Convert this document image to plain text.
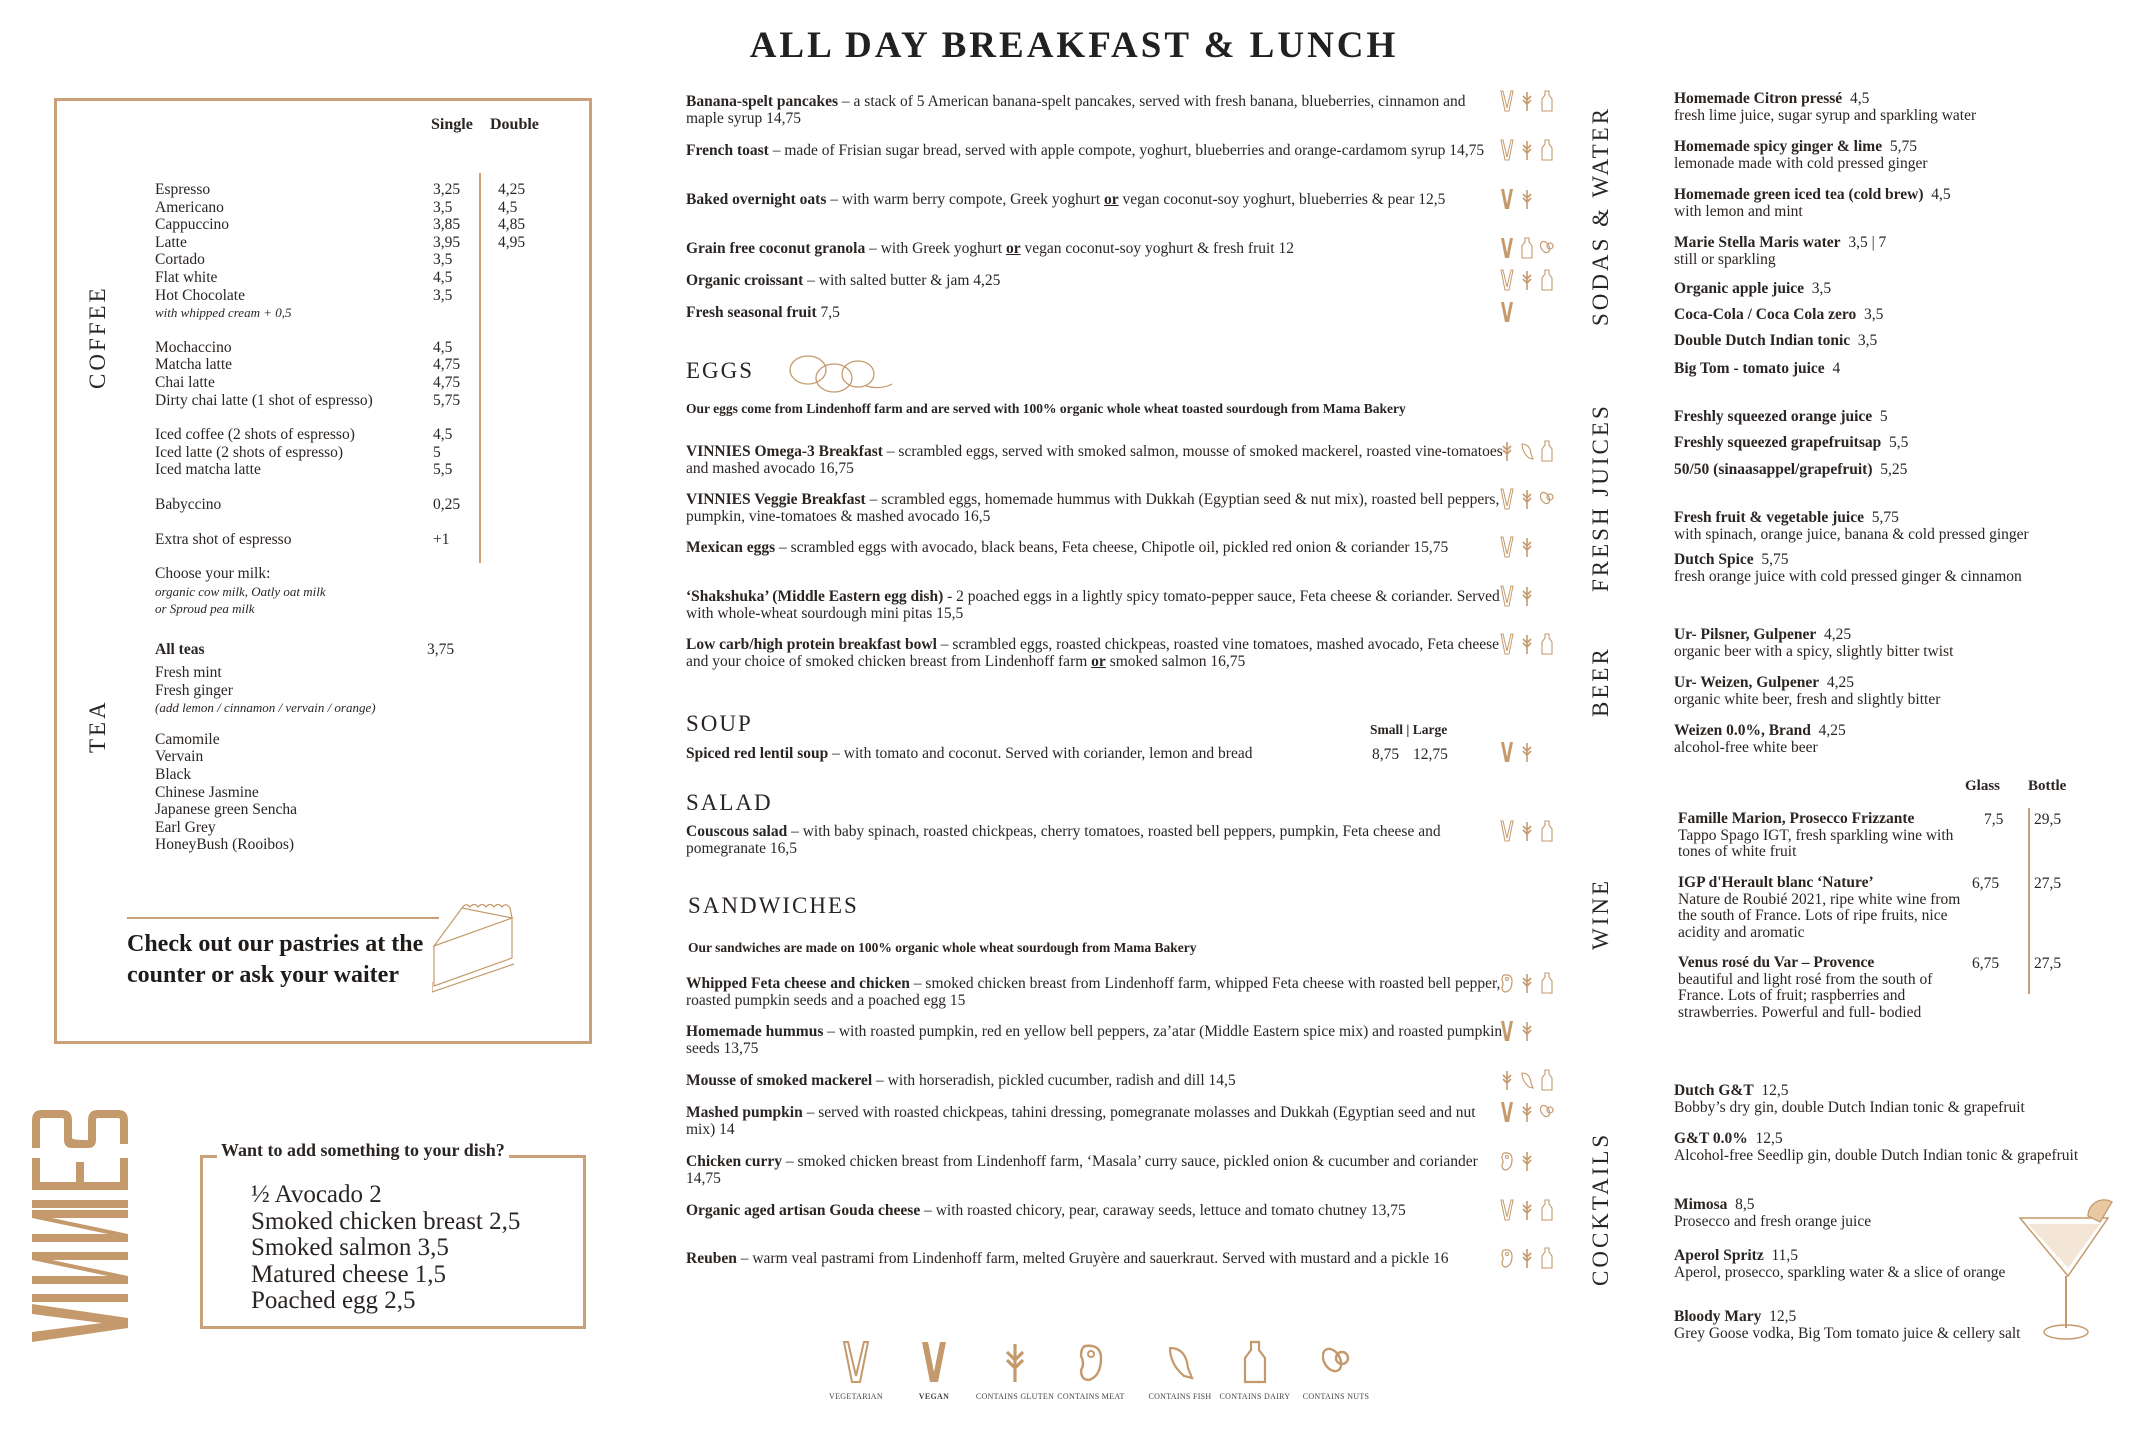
ALL DAY BREAKFAST & LUNCH
COFFEE
Single Double
Espresso	3,25 4,25
Americano	3,5	4,5
Cappuccino	3,85 4,85
Latte	3,95 4,95
Cortado	3,5
Flat white	4,5
Hot Chocolate	3,5
with whipped cream + 0,5
Mochaccino	4,5
Matcha latte	4,75
Chai latte	4,75
Dirty chai latte (1 shot of espresso)	5,75
Iced coffee (2 shots of espresso)	4,5
Iced latte (2 shots of espresso)	5
Iced matcha latte	5,5
Babyccino	0,25
Extra shot of espresso	+1
Choose your milk:
organic cow milk, Oatly oat milk
or Sproud pea milk
All teas	3,75
Fresh mint
Fresh ginger
(add lemon / cinnamon / vervain / orange)
Camomile
Vervain
Black
Chinese Jasmine
Japanese green Sencha
Earl Grey
HoneyBush (Rooibos)
TEA
Check out our pastries at the counter or ask your waiter
Want to add something to your dish?
½ Avocado 2
Smoked chicken breast 2,5
Smoked salmon 3,5
Matured cheese 1,5
Poached egg 2,5
Banana-spelt pancakes – a stack of 5 American banana-spelt pancakes, served with fresh banana, blueberries, cinnamon and maple syrup 14,75
French toast – made of Frisian sugar bread, served with apple compote, yoghurt, blueberries and orange-cardamom syrup 14,75
Baked overnight oats – with warm berry compote, Greek yoghurt or vegan coconut-soy yoghurt, blueberries & pear 12,5
Grain free coconut granola – with Greek yoghurt or vegan coconut-soy yoghurt & fresh fruit 12
Organic croissant – with salted butter & jam 4,25
Fresh seasonal fruit 7,5
VINNIES Omega-3 Breakfast – scrambled eggs, served with smoked salmon, mousse of smoked mackerel, roasted vine-tomatoes and mashed avocado 16,75
VINNIES Veggie Breakfast – scrambled eggs, homemade hummus with Dukkah (Egyptian seed & nut mix), roasted bell peppers, pumpkin, vine-tomatoes & mashed avocado 16,5
Mexican eggs – scrambled eggs with avocado, black beans, Feta cheese, Chipotle oil, pickled red onion & coriander 15,75
‘Shakshuka’ (Middle Eastern egg dish) - 2 poached eggs in a lightly spicy tomato-pepper sauce, Feta cheese & coriander. Served with whole-wheat sourdough mini pitas 15,5
Low carb/high protein breakfast bowl – scrambled eggs, roasted chickpeas, roasted vine tomatoes, mashed avocado, Feta cheese and your choice of smoked chicken breast from Lindenhoff farm or smoked salmon 16,75
Spiced red lentil soup – with tomato and coconut. Served with coriander, lemon and bread	8,75 12,75
Couscous salad – with baby spinach, roasted chickpeas, cherry tomatoes, roasted bell peppers, pumpkin, Feta cheese and pomegranate 16,5
Whipped Feta cheese and chicken – smoked chicken breast from Lindenhoff farm, whipped Feta cheese with roasted bell pepper, roasted pumpkin seeds and a poached egg 15
Homemade hummus – with roasted pumpkin, red en yellow bell peppers, za’atar (Middle Eastern spice mix) and roasted pumpkin seeds 13,75
Mousse of smoked mackerel – with horseradish, pickled cucumber, radish and dill 14,5
Mashed pumpkin – served with roasted chickpeas, tahini dressing, pomegranate molasses and Dukkah (Egyptian seed and nut mix) 14
Chicken curry – smoked chicken breast from Lindenhoff farm, ‘Masala’ curry sauce, pickled onion & cucumber and coriander 14,75
Organic aged artisan Gouda cheese – with roasted chicory, pear, caraway seeds, lettuce and tomato chutney 13,75
Reuben – warm veal pastrami from Lindenhoff farm, melted Gruyère and sauerkraut. Served with mustard and a pickle 16
EGGS
Our eggs come from Lindenhoff farm and are served with 100% organic whole wheat toasted sourdough from Mama Bakery
SOUP	Small | Large
SALAD
SANDWICHES
Our sandwiches are made on 100% organic whole wheat sourdough from Mama Bakery
VEGETARIAN	VEGAN	CONTAINS GLUTEN CONTAINS MEAT	CONTAINS FISH	CONTAINS DAIRY	CONTAINS NUTS
SODAS & WATER
FRESH JUICES
BEER
WINE
COCKTAILS
Homemade Citron pressé 4,5
fresh lime juice, sugar syrup and sparkling water
Homemade spicy ginger & lime 5,75
lemonade made with cold pressed ginger
Homemade green iced tea (cold brew) 4,5
with lemon and mint
Marie Stella Maris water 3,5 | 7
still or sparkling
Organic apple juice 3,5
Coca-Cola / Coca Cola zero 3,5
Double Dutch Indian tonic 3,5
Big Tom - tomato juice 4
Freshly squeezed orange juice 5
Freshly squeezed grapefruitsap 5,5
50/50 (sinaasappel/grapefruit) 5,25
Fresh fruit & vegetable juice 5,75
with spinach, orange juice, banana & cold pressed ginger
Dutch Spice 5,75
fresh orange juice with cold pressed ginger & cinnamon
Ur- Pilsner, Gulpener 4,25
organic beer with a spicy, slightly bitter twist
Ur- Weizen, Gulpener 4,25
organic white beer, fresh and slightly bitter
Weizen 0.0%, Brand 4,25
alcohol-free white beer
Dutch G&T 12,5
Bobby’s dry gin, double Dutch Indian tonic & grapefruit
G&T 0.0% 12,5
Alcohol-free Seedlip gin, double Dutch Indian tonic & grapefruit
Mimosa 8,5
Prosecco and fresh orange juice
Aperol Spritz 11,5
Aperol, prosecco, sparkling water & a slice of orange
Bloody Mary 12,5
Grey Goose vodka, Big Tom tomato juice & cellery salt
Famille Marion, Prosecco Frizzante
Tappo Spago IGT, fresh sparkling wine with tones of white fruit
7,5 29,5
IGP d'Herault blanc ‘Nature’
Nature de Roubié 2021, ripe white wine from the south of France. Lots of ripe fruits, nice acidity and aromatic
6,75 27,5
Venus rosé du Var – Provence
beautiful and light rosé from the south of France. Lots of fruit; raspberries and strawberries. Powerful and full- bodied
6,75 27,5
Glass Bottle
